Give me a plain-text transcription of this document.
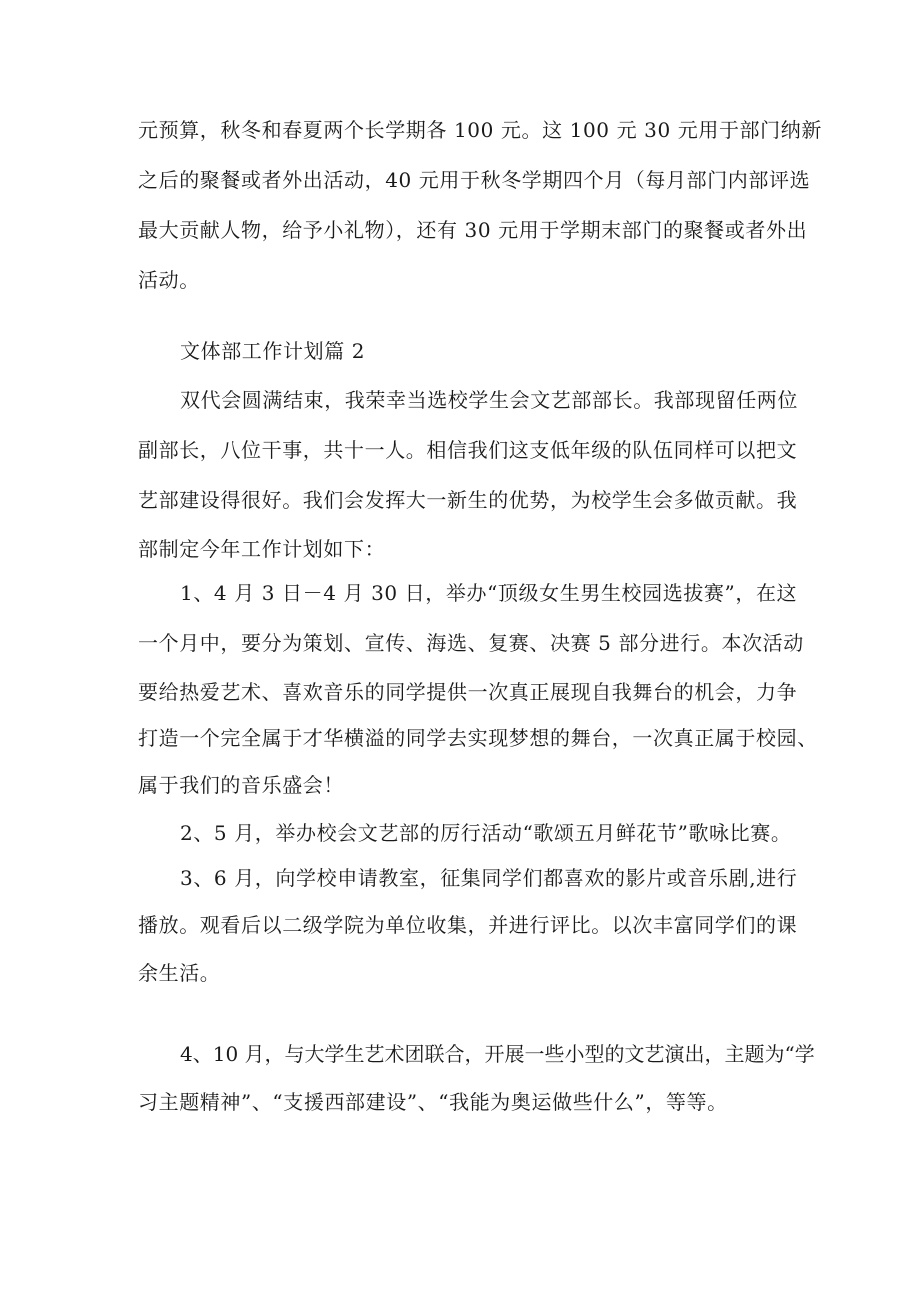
元预算，秋冬和春夏两个长学期各 100 元。这 100 元 30 元用于部门纳新
之后的聚餐或者外出活动，40 元用于秋冬学期四个月（每月部门内部评选
最大贡献人物，给予小礼物），还有 30 元用于学期末部门的聚餐或者外出
活动。
文体部工作计划篇 2
双代会圆满结束，我荣幸当选校学生会文艺部部长。我部现留任两位
副部长，八位干事，共十一人。相信我们这支低年级的队伍同样可以把文
艺部建设得很好。我们会发挥大一新生的优势，为校学生会多做贡献。我
部制定今年工作计划如下：
1、4 月 3 日－4 月 30 日，举办“顶级女生男生校园选拔赛”，在这
一个月中，要分为策划、宣传、海选、复赛、决赛 5 部分进行。本次活动
要给热爱艺术、喜欢音乐的同学提供一次真正展现自我舞台的机会，力争
打造一个完全属于才华横溢的同学去实现梦想的舞台，一次真正属于校园、
属于我们的音乐盛会！
2、5 月，举办校会文艺部的厉行活动“歌颂五月鲜花节”歌咏比赛。
3、6 月，向学校申请教室，征集同学们都喜欢的影片或音乐剧,进行
播放。观看后以二级学院为单位收集，并进行评比。以次丰富同学们的课
余生活。
4、10 月，与大学生艺术团联合，开展一些小型的文艺演出，主题为“学
习主题精神”、“支援西部建设”、“我能为奥运做些什么”，等等。
